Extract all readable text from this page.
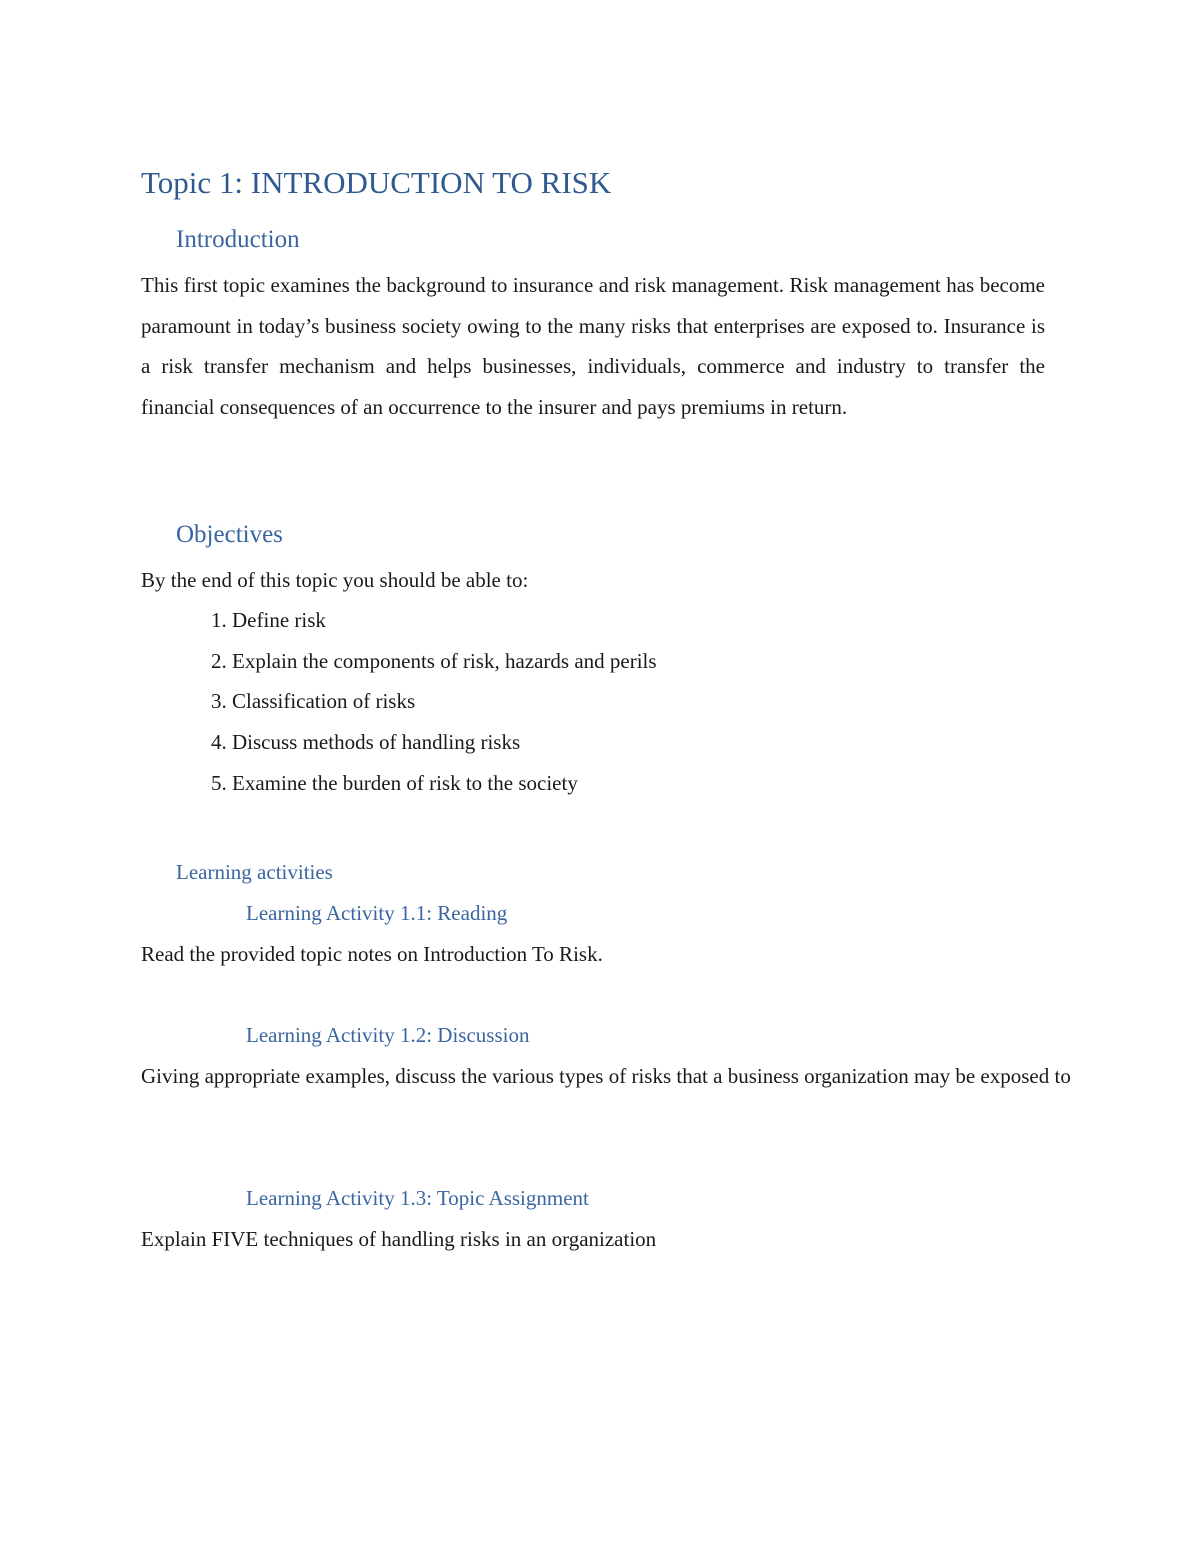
Topic 1: INTRODUCTION TO RISK
Introduction

This first topic examines the background to insurance and risk management. Risk management has become paramount in today’s business society owing to the many risks that enterprises are exposed to. Insurance is a risk transfer mechanism and helps businesses, individuals, commerce and industry to transfer the financial consequences of an occurrence to the insurer and pays premiums in return.

Objectives

By the end of this topic you should be able to:

1. Define risk
2. Explain the components of risk, hazards and perils
3. Classification of risks
4. Discuss methods of handling risks
5. Examine the burden of risk to the society
Learning activities
Learning Activity 1.1: Reading

Read the provided topic notes on Introduction To Risk.

Learning Activity 1.2: Discussion

Giving appropriate examples, discuss the various types of risks that a business organization may be exposed to

Learning Activity 1.3: Topic Assignment

Explain FIVE techniques of handling risks in an organization
